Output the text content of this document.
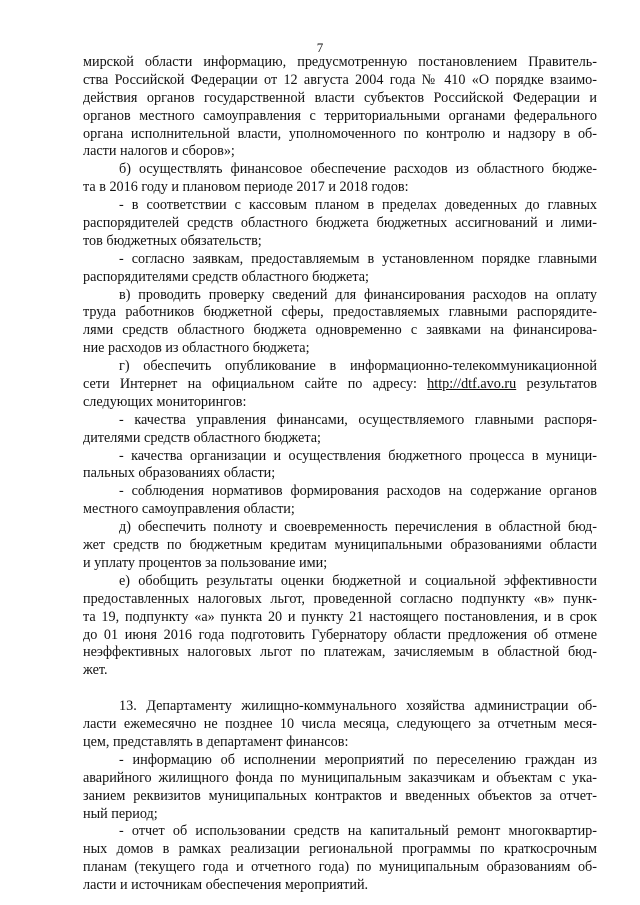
7
мирской области информацию, предусмотренную постановлением Правитель-
ства Российской Федерации от 12 августа 2004 года № 410 «О порядке взаимо-
действия органов государственной власти субъектов Российской Федерации и
органов местного самоуправления с территориальными органами федерального
органа исполнительной власти, уполномоченного по контролю и надзору в об-
ласти налогов и сборов»;
б) осуществлять финансовое обеспечение расходов из областного бюдже-
та в 2016 году и плановом периоде 2017 и 2018 годов:
- в соответствии с кассовым планом в пределах доведенных до главных
распорядителей средств областного бюджета бюджетных ассигнований и лими-
тов бюджетных обязательств;
- согласно заявкам, предоставляемым в установленном порядке главными
распорядителями средств областного бюджета;
в) проводить проверку сведений для финансирования расходов на оплату
труда работников бюджетной сферы, предоставляемых главными распорядите-
лями средств областного бюджета одновременно с заявками на финансирова-
ние расходов из областного бюджета;
г) обеспечить опубликование в информационно-телекоммуникационной
сети Интернет на официальном сайте по адресу: http://dtf.avo.ru результатов
следующих мониторингов:
- качества управления финансами, осуществляемого главными распоря-
дителями средств областного бюджета;
- качества организации и осуществления бюджетного процесса в муници-
пальных образованиях области;
- соблюдения нормативов формирования расходов на содержание органов
местного самоуправления области;
д) обеспечить полноту и своевременность перечисления в областной бюд-
жет средств по бюджетным кредитам муниципальными образованиями области
и уплату процентов за пользование ими;
е) обобщить результаты оценки бюджетной и социальной эффективности
предоставленных налоговых льгот, проведенной согласно подпункту «в» пунк-
та 19, подпункту «а» пункта 20 и пункту 21 настоящего постановления, и в срок
до 01 июня 2016 года подготовить Губернатору области предложения об отмене
неэффективных налоговых льгот по платежам, зачисляемым в областной бюд-
жет.
13. Департаменту жилищно-коммунального хозяйства администрации об-
ласти ежемесячно не позднее 10 числа месяца, следующего за отчетным меся-
цем, представлять в департамент финансов:
- информацию об исполнении мероприятий по переселению граждан из
аварийного жилищного фонда по муниципальным заказчикам и объектам с ука-
занием реквизитов муниципальных контрактов и введенных объектов за отчет-
ный период;
- отчет об использовании средств на капитальный ремонт многоквартир-
ных домов в рамках реализации региональной программы по краткосрочным
планам (текущего года и отчетного года) по муниципальным образованиям об-
ласти и источникам обеспечения мероприятий.
